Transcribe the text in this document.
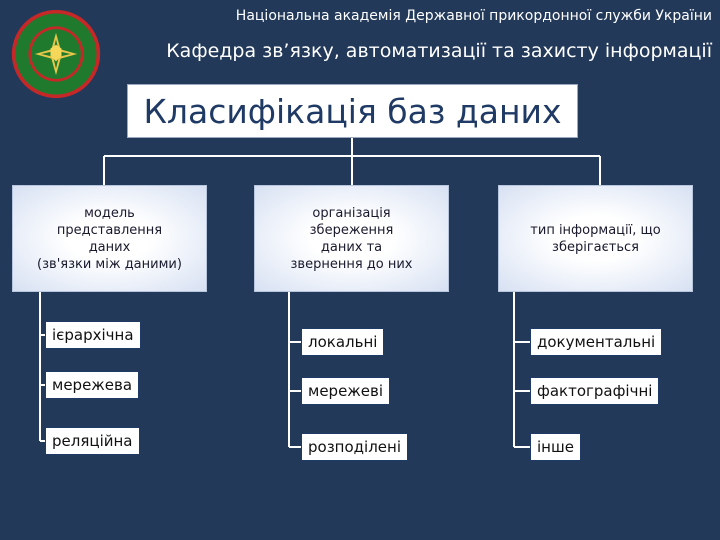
Національна академія Державної прикордонної служби України
Кафедра зв’язку, автоматизації та захисту інформації
Класифікація баз даних
модель
представлення
даних
(зв'язки між даними)
організація
збереження
даних та
звернення до них
тип інформації, що
зберігається
ієрархічна
мережева
реляційна
локальні
мережеві
розподілені
документальні
фактографічні
інше
